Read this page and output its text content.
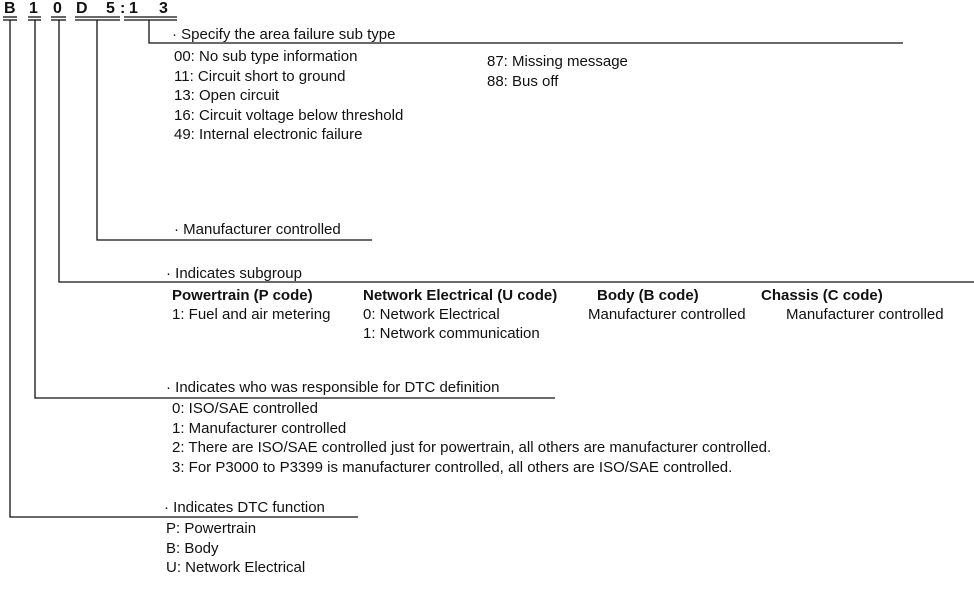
B 1 0 D 5 : 1 3
· Specify the area failure sub type
00: No sub type information
11: Circuit short to ground
13: Open circuit
16: Circuit voltage below threshold
49: Internal electronic failure
87: Missing message
88: Bus off
· Manufacturer controlled
· Indicates subgroup
Powertrain (P code)
1: Fuel and air metering
Network Electrical (U code)
0: Network Electrical
1: Network communication
Body (B code)
Manufacturer controlled
Chassis (C code)
Manufacturer controlled
· Indicates who was responsible for DTC definition
0: ISO/SAE controlled
1: Manufacturer controlled
2: There are ISO/SAE controlled just for powertrain, all others are manufacturer controlled.
3: For P3000 to P3399 is manufacturer controlled, all others are ISO/SAE controlled.
· Indicates DTC function
P: Powertrain
B: Body
U: Network Electrical
